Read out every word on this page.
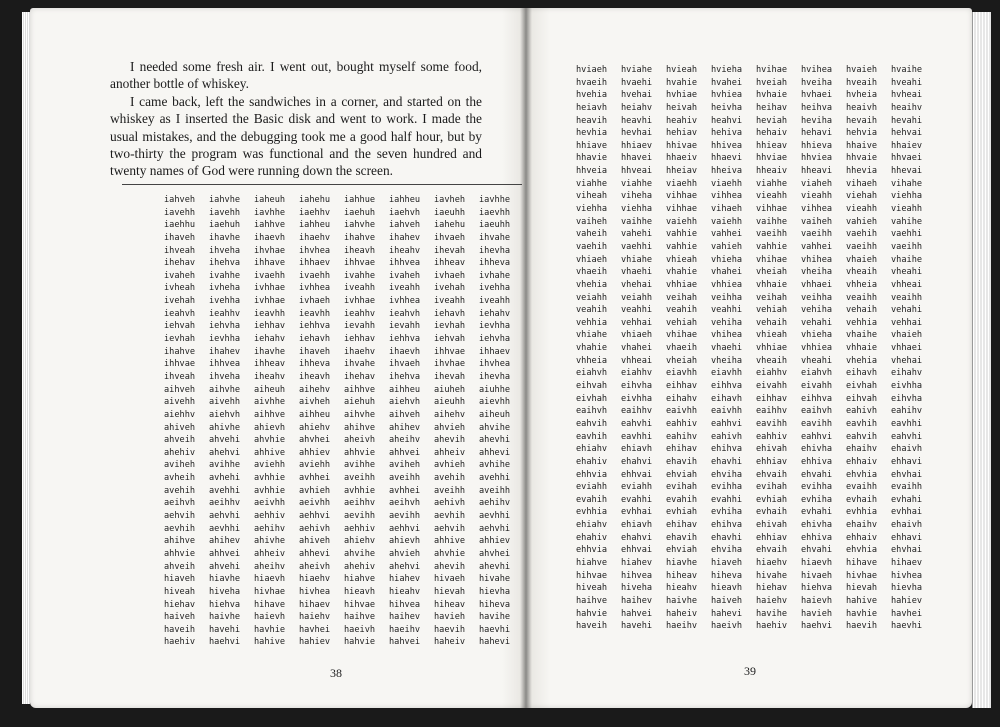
I needed some fresh air. I went out, bought myself some food, another bottle of whiskey.

I came back, left the sandwiches in a corner, and started on the whiskey as I inserted the Basic disk and went to work. I made the usual mistakes, and the debugging took me a good half hour, but by two-thirty the program was functional and the seven hundred and twenty names of God were running down the screen.

iahveh	iahvhe	iaheuh	iahehu	iahhue	iahheu	iavheh	iavhhe
iavehh	iavehh	iavhhe	iaehhv	iaehuh	iaehvh	iaeuhh	iaevhh
iaehhu	iaehuh	iahhve	iahheu	iahvhe	iahveh	iahehu	iaeuhh
ihaveh	ihavhe	ihaevh	ihaehv	ihahve	ihahev	ihvaeh	ihvahe
ihveah	ihveha	ihvhae	ihvhea	iheavh	iheahv	ihevah	ihevha
ihehav	ihehva	ihhave	ihhaev	ihhvae	ihhvea	ihheav	ihheva
ivaheh	ivahhe	ivaehh	ivaehh	ivahhe	ivaheh	ivhaeh	ivhahe
ivheah	ivheha	ivhhae	ivhhea	iveahh	iveahh	ivehah	ivehha
ivehah	ivehha	ivhhae	ivhaeh	ivhhae	ivhhea	iveahh	iveahh
ieahvh	ieahhv	ieavhh	ieavhh	ieahhv	ieahvh	iehavh	iehahv
iehvah	iehvha	iehhav	iehhva	ievahh	ievahh	ievhah	ievhha
ievhah	ievhha	iehahv	iehavh	iehhav	iehhva	iehvah	iehvha
ihahve	ihahev	ihavhe	ihaveh	ihaehv	ihaevh	ihhvae	ihhaev
ihhvae	ihhvea	ihheav	ihheva	ihvahe	ihvaeh	ihvhae	ihvhea
ihveah	ihveha	iheahv	iheavh	ihehav	ihehva	ihevah	ihevha
aihveh	aihvhe	aiheuh	aihehv	aihhve	aihheu	aiuheh	aiuhhe
aivehh	aivehh	aivhhe	aivheh	aiehuh	aiehvh	aieuhh	aievhh
aiehhv	aiehvh	aihhve	aihheu	aihvhe	aihveh	aihehv	aiheuh
ahiveh	ahivhe	ahievh	ahiehv	ahihve	ahihev	ahvieh	ahvihe
ahveih	ahvehi	ahvhie	ahvhei	aheivh	aheihv	ahevih	ahevhi
ahehiv	ahehvi	ahhive	ahhiev	ahhvie	ahhvei	ahheiv	ahhevi
avihеh	avihhe	aviehh	aviehh	avihhe	aviheh	avhieh	avhihe
avheih	avhehi	avhhie	avhhei	aveihh	aveihh	avehih	avehhi
avehih	avehhi	avhhie	avhieh	avhhie	avhhei	aveihh	aveihh
aeihvh	aeihhv	aeivhh	aeivhh	aeihhv	aeihvh	aehivh	aehihv
aehvih	aehvhi	aehhiv	aehhvi	aevihh	aevihh	aevhih	aevhhi
aevhih	aevhhi	aehihv	aehivh	aehhiv	aehhvi	aehvih	aehvhi
ahihve	ahihev	ahivhe	ahiveh	ahiehv	ahievh	ahhive	ahhiev
ahhvie	ahhvei	ahheiv	ahhevi	ahvihe	ahvieh	ahvhie	ahvhei
ahveih	ahvehi	aheihv	aheivh	ahehiv	ahehvi	ahevih	ahevhi
hiaveh	hiavhe	hiaevh	hiaehv	hiahve	hiahev	hivaeh	hivahe
hiveah	hiveha	hivhae	hivhea	hieavh	hieahv	hievah	hievha
hiehav	hiehva	hihave	hihaev	hihvae	hihvea	hiheav	hiheva
haiveh	haivhe	haievh	haiehv	haihve	haihev	havieh	havihe
haveih	havehi	havhie	havhei	haeivh	haeihv	haevih	haevhi
haehiv	haehvi	hahive	hahiev	hahvie	hahvei	haheiv	hahevi
hviaeh	hviahe	hvieah	hvieha	hvihae	hvihea	hvaieh	hvaihe
hvaeih	hvaehi	hvahie	hvahei	hveiah	hveiha	hveaih	hveahi
hvehia	hvehai	hvhiae	hvhiea	hvhaie	hvhaei	hvheia	hvheai
heiavh	heiahv	heivah	heivha	heihav	heihva	heaivh	heaihv
heavih	heavhi	heahiv	heahvi	hevіah	heviha	hevaih	hevahi
hevhia	hevhai	hehiav	hehiva	hehaiv	hehavi	hehvia	hehvai
hhiave	hhiaev	hhivae	hhivea	hhieav	hhieva	hhaive	hhaiev
hhavie	hhavei	hhaeiv	hhaevi	hhviae	hhviea	hhvaie	hhvaei
hhveia	hhveai	hheiav	hheiva	hheaiv	hheavi	hhevia	hhevai
viahhe	viahhe	viaehh	viaehh	viahhe	viaheh	vihaeh	vihahe
viheah	viheha	vihhae	vihhea	vieahh	vieahh	viehah	viehha
viehha	viehha	vihhae	vihaeh	vihhae	vihhea	vieahh	vieahh
vaiheh	vaihhe	vaiehh	vaiehh	vaihhe	vaiheh	vahieh	vahihe
vaheih	vahehi	vahhie	vahhei	vaeihh	vaeihh	vaehih	vaehhi
vaehih	vaehhi	vahhie	vahieh	vahhie	vahhei	vaeihh	vaeihh
vhiaeh	vhiahe	vhieah	vhieha	vhihae	vhihea	vhaieh	vhaihe
vhaeih	vhaehi	vhahie	vhahei	vheiah	vheiha	vheaih	vheahi
vhehia	vhehai	vhhiae	vhhiea	vhhaie	vhhaei	vhheia	vhheai
veiahh	veiahh	veihah	veihha	veihah	veihha	veaihh	veaihh
veahih	veahhi	veahih	veahhi	vehiah	vehiha	vehaih	vehahi
vehhia	vehhai	vehiah	vehiha	vehaih	vehahi	vehhia	vehhai
vhiahe	vhiaeh	vhihae	vhihea	vhieah	vhieha	vhaihe	vhaieh
vhahie	vhahei	vhaeih	vhaehi	vhhiae	vhhiea	vhhaie	vhhaei
vhheia	vhheai	vheiah	vheiha	vheaih	vheahi	vhehia	vhehai
eiahvh	eiahhv	eiavhh	eiavhh	eiahhv	eiahvh	eihavh	eihahv
eihvah	eihvha	eihhav	eihhva	eivahh	eivahh	eivhah	eivhha
eivhah	eivhha	eihahv	eihavh	eihhav	eihhva	eihvah	eihvha
eaihvh	eaihhv	eaivhh	eaivhh	eaihhv	eaihvh	eahivh	eahihv
eahvih	eahvhi	eahhiv	eahhvi	eavihh	eavihh	eavhih	eavhhi
eavhih	eavhhi	eahihv	eahivh	eahhiv	eahhvi	eahvih	eahvhi
ehiahv	ehiavh	ehihav	ehihva	ehivah	ehivha	ehaihv	ehaivh
ehahiv	ehahvi	ehavih	ehavhi	ehhiav	ehhiva	ehhaiv	ehhavi
ehhvia	ehhvai	ehviah	ehviha	ehvaih	ehvahi	ehvhia	ehvhai
eviahh	eviahh	evihah	evihha	evihah	evihha	evaihh	evaihh
evahih	evahhi	evahih	evahhi	evhiah	evhiha	evhaih	evhahi
evhhia	evhhai	evhiah	evhiha	evhaih	evhahi	evhhia	evhhai
ehiahv	ehiavh	ehihav	ehihva	ehivah	ehivha	ehaihv	ehaivh
ehahiv	ehahvi	ehavih	ehavhi	ehhiav	ehhiva	ehhaiv	ehhavi
ehhvia	ehhvai	ehviah	ehviha	ehvaih	ehvahi	ehvhia	ehvhai
hiahve	hiahev	hiavhe	hiaveh	hiaehv	hiaevh	hihave	hihaev
hihvae	hihvea	hiheav	hiheva	hivahe	hivaeh	hivhae	hivhea
hiveah	hiveha	hieahv	hieavh	hiehav	hiehva	hievah	hievha
haihve	haihev	haivhe	haiveh	haiehv	haievh	hahive	hahiev
hahvie	hahvei	haheiv	hahevi	havihe	havieh	havhie	havhei
haveih	havehi	haeihv	haeivh	haehiv	haehvi	haevih	haevhi
38	39
